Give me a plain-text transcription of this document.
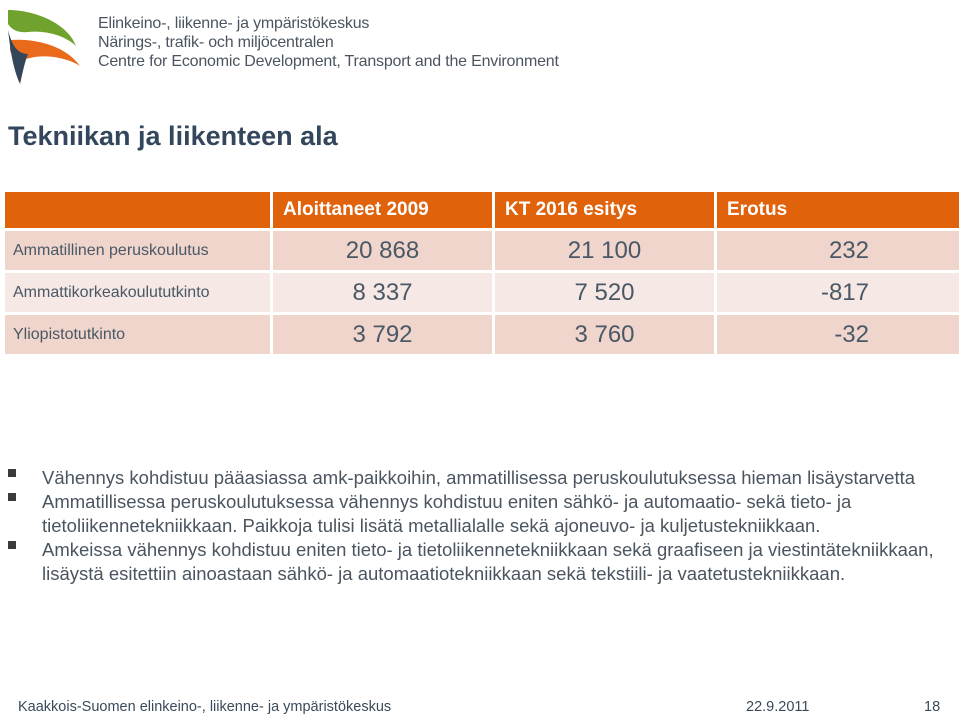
Elinkeino-, liikenne- ja ympäristökeskus
Närings-, trafik- och miljöcentralen
Centre for Economic Development, Transport and the Environment
Tekniikan ja liikenteen ala
	Aloittaneet 2009	KT 2016 esitys	Erotus
Ammatillinen peruskoulutus	20 868	21 100	232
Ammattikorkeakoulututkinto	8 337	7 520	-817
Yliopistotutkinto	3 792	3 760	-32
Vähennys kohdistuu pääasiassa amk-paikkoihin, ammatillisessa peruskoulutuksessa hieman lisäystarvetta
Ammatillisessa peruskoulutuksessa vähennys kohdistuu eniten sähkö- ja automaatio- sekä tieto- ja tietoliikennetekniikkaan. Paikkoja tulisi lisätä metallialalle sekä ajoneuvo- ja kuljetustekniikkaan.
Amkeissa vähennys kohdistuu eniten tieto- ja tietoliikennetekniikkaan sekä graafiseen ja viestintätekniikkaan, lisäystä esitettiin ainoastaan sähkö- ja automaatiotekniikkaan sekä tekstiili- ja vaatetustekniikkaan.
Kaakkois-Suomen elinkeino-, liikenne- ja ympäristökeskus	22.9.2011	18
